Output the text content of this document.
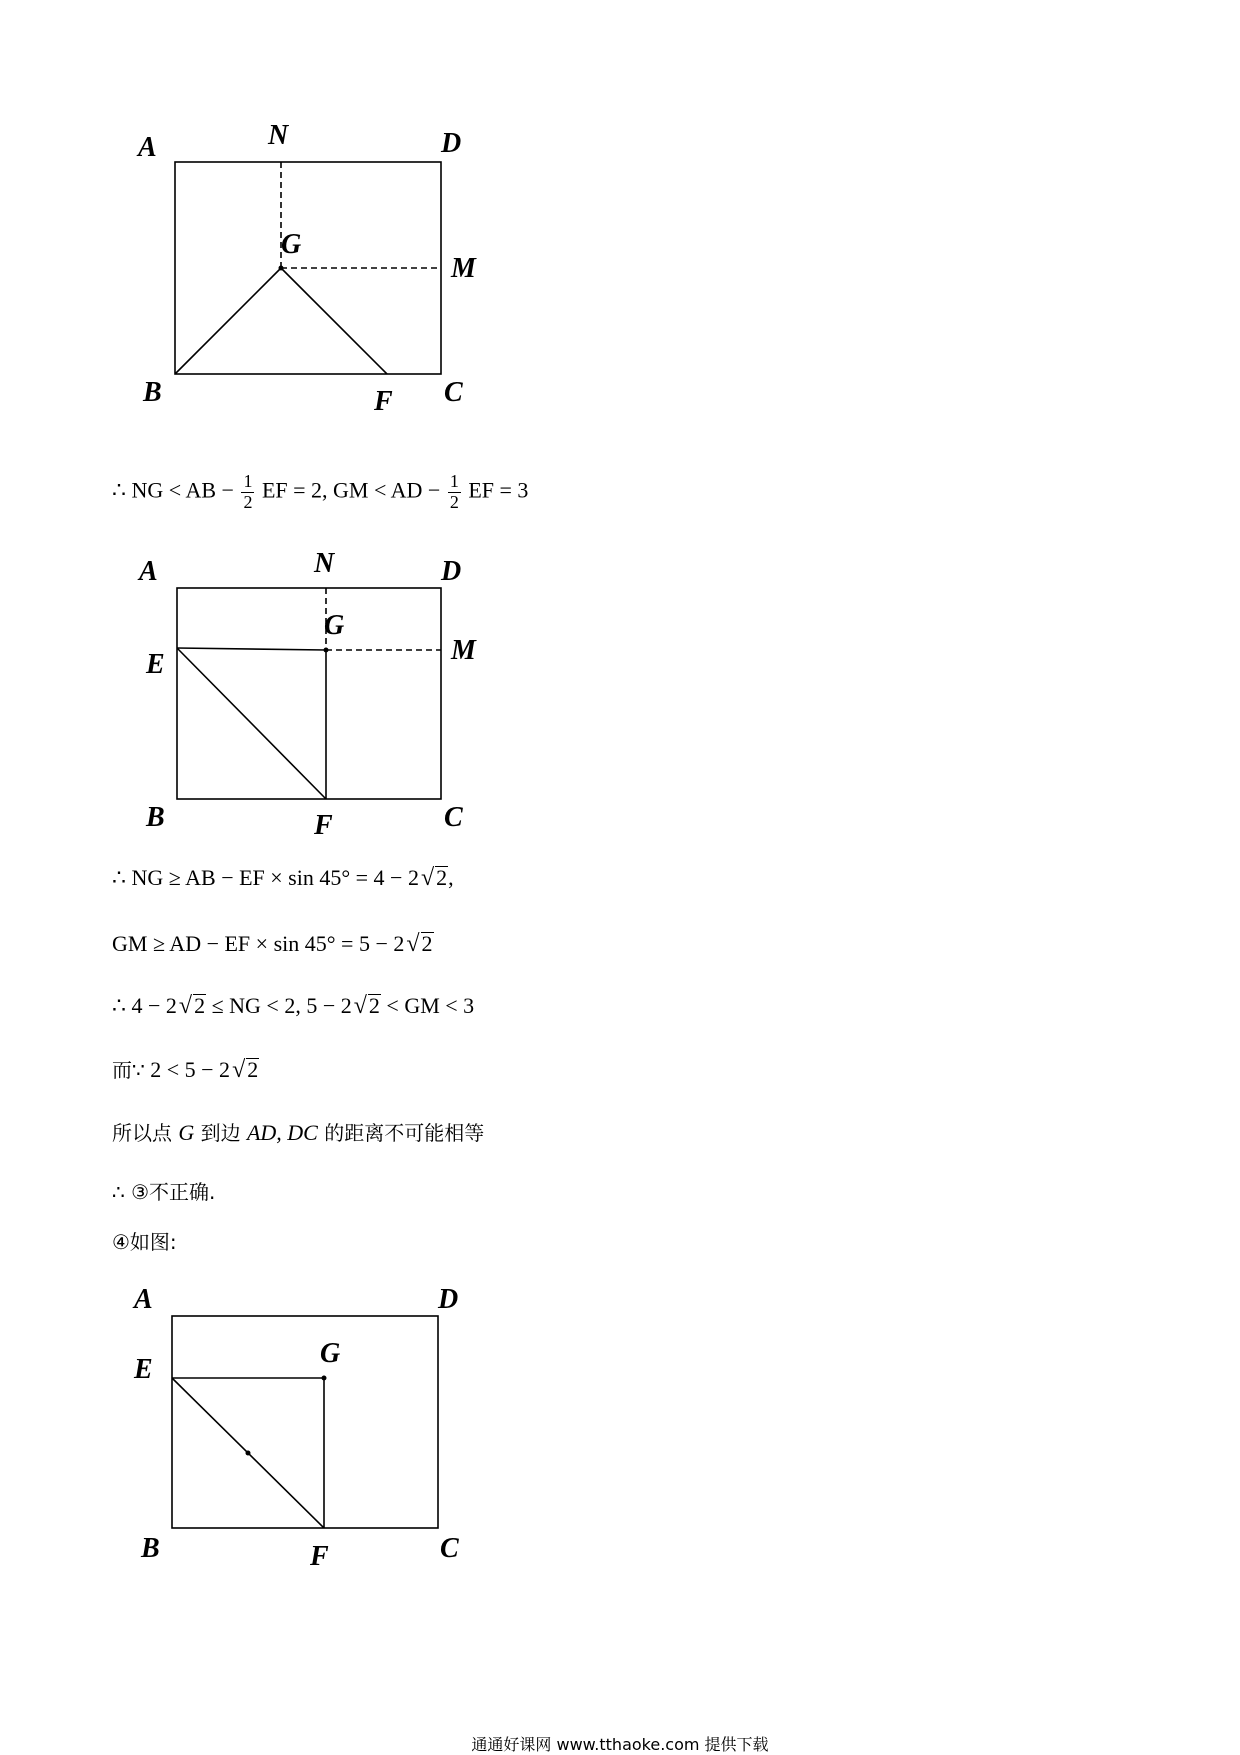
A	N	D
G
M
B	F C
A	N	D
G
M
E
B	F	C
A	D
G
E
B	F	C
∴ NG < AB − $\frac{1}{2}$ EF = 2, GM < AD − $\frac{1}{2}$ EF = 3
∴ NG ≥ AB − EF × sin 45° = 4 − 2√2,
GM ≥ AD − EF × sin 45° = 5 − 2√2
∴ 4 − 2√2 ≤ NG < 2, 5 − 2√2 < GM < 3
而∵ 2 < 5 − 2√2
所以点 G 到边 AD, DC 的距离不可能相等
∴ ③不正确.
④如图:
通通好课网 www.tthaoke.com 提供下载
